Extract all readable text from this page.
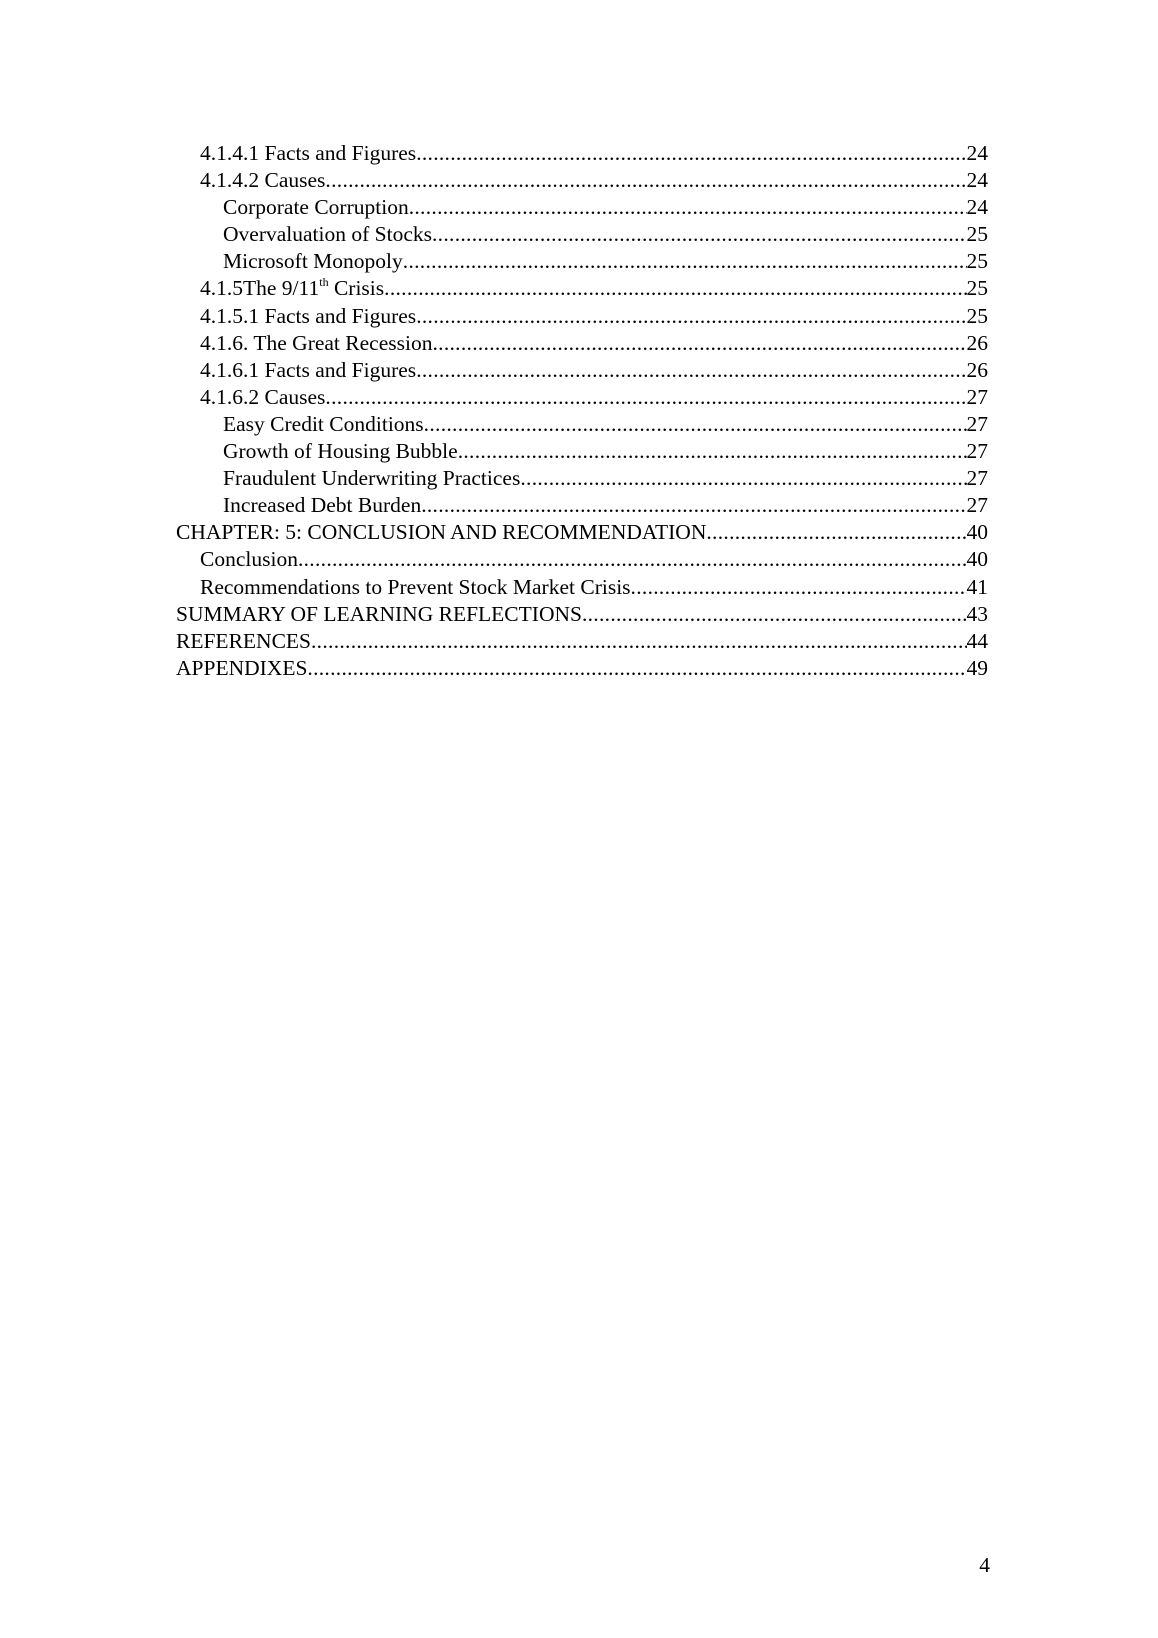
4.1.4.1 Facts and Figures .....	24
4.1.4.2 Causes .....	24
Corporate Corruption .....	24
Overvaluation of Stocks .....	25
Microsoft Monopoly .....	25
4.1.5The 9/11th Crisis .....	25
4.1.5.1 Facts and Figures .....	25
4.1.6. The Great Recession .....	26
4.1.6.1 Facts and Figures .....	26
4.1.6.2 Causes .....	27
Easy Credit Conditions .....	27
Growth of Housing Bubble .....	27
Fraudulent Underwriting Practices .....	27
Increased Debt Burden .....	27
CHAPTER: 5: CONCLUSION AND RECOMMENDATION .....	40
Conclusion .....	40
Recommendations to Prevent Stock Market Crisis .....	41
SUMMARY OF LEARNING REFLECTIONS .....	43
REFERENCES .....	44
APPENDIXES .....	49
4
